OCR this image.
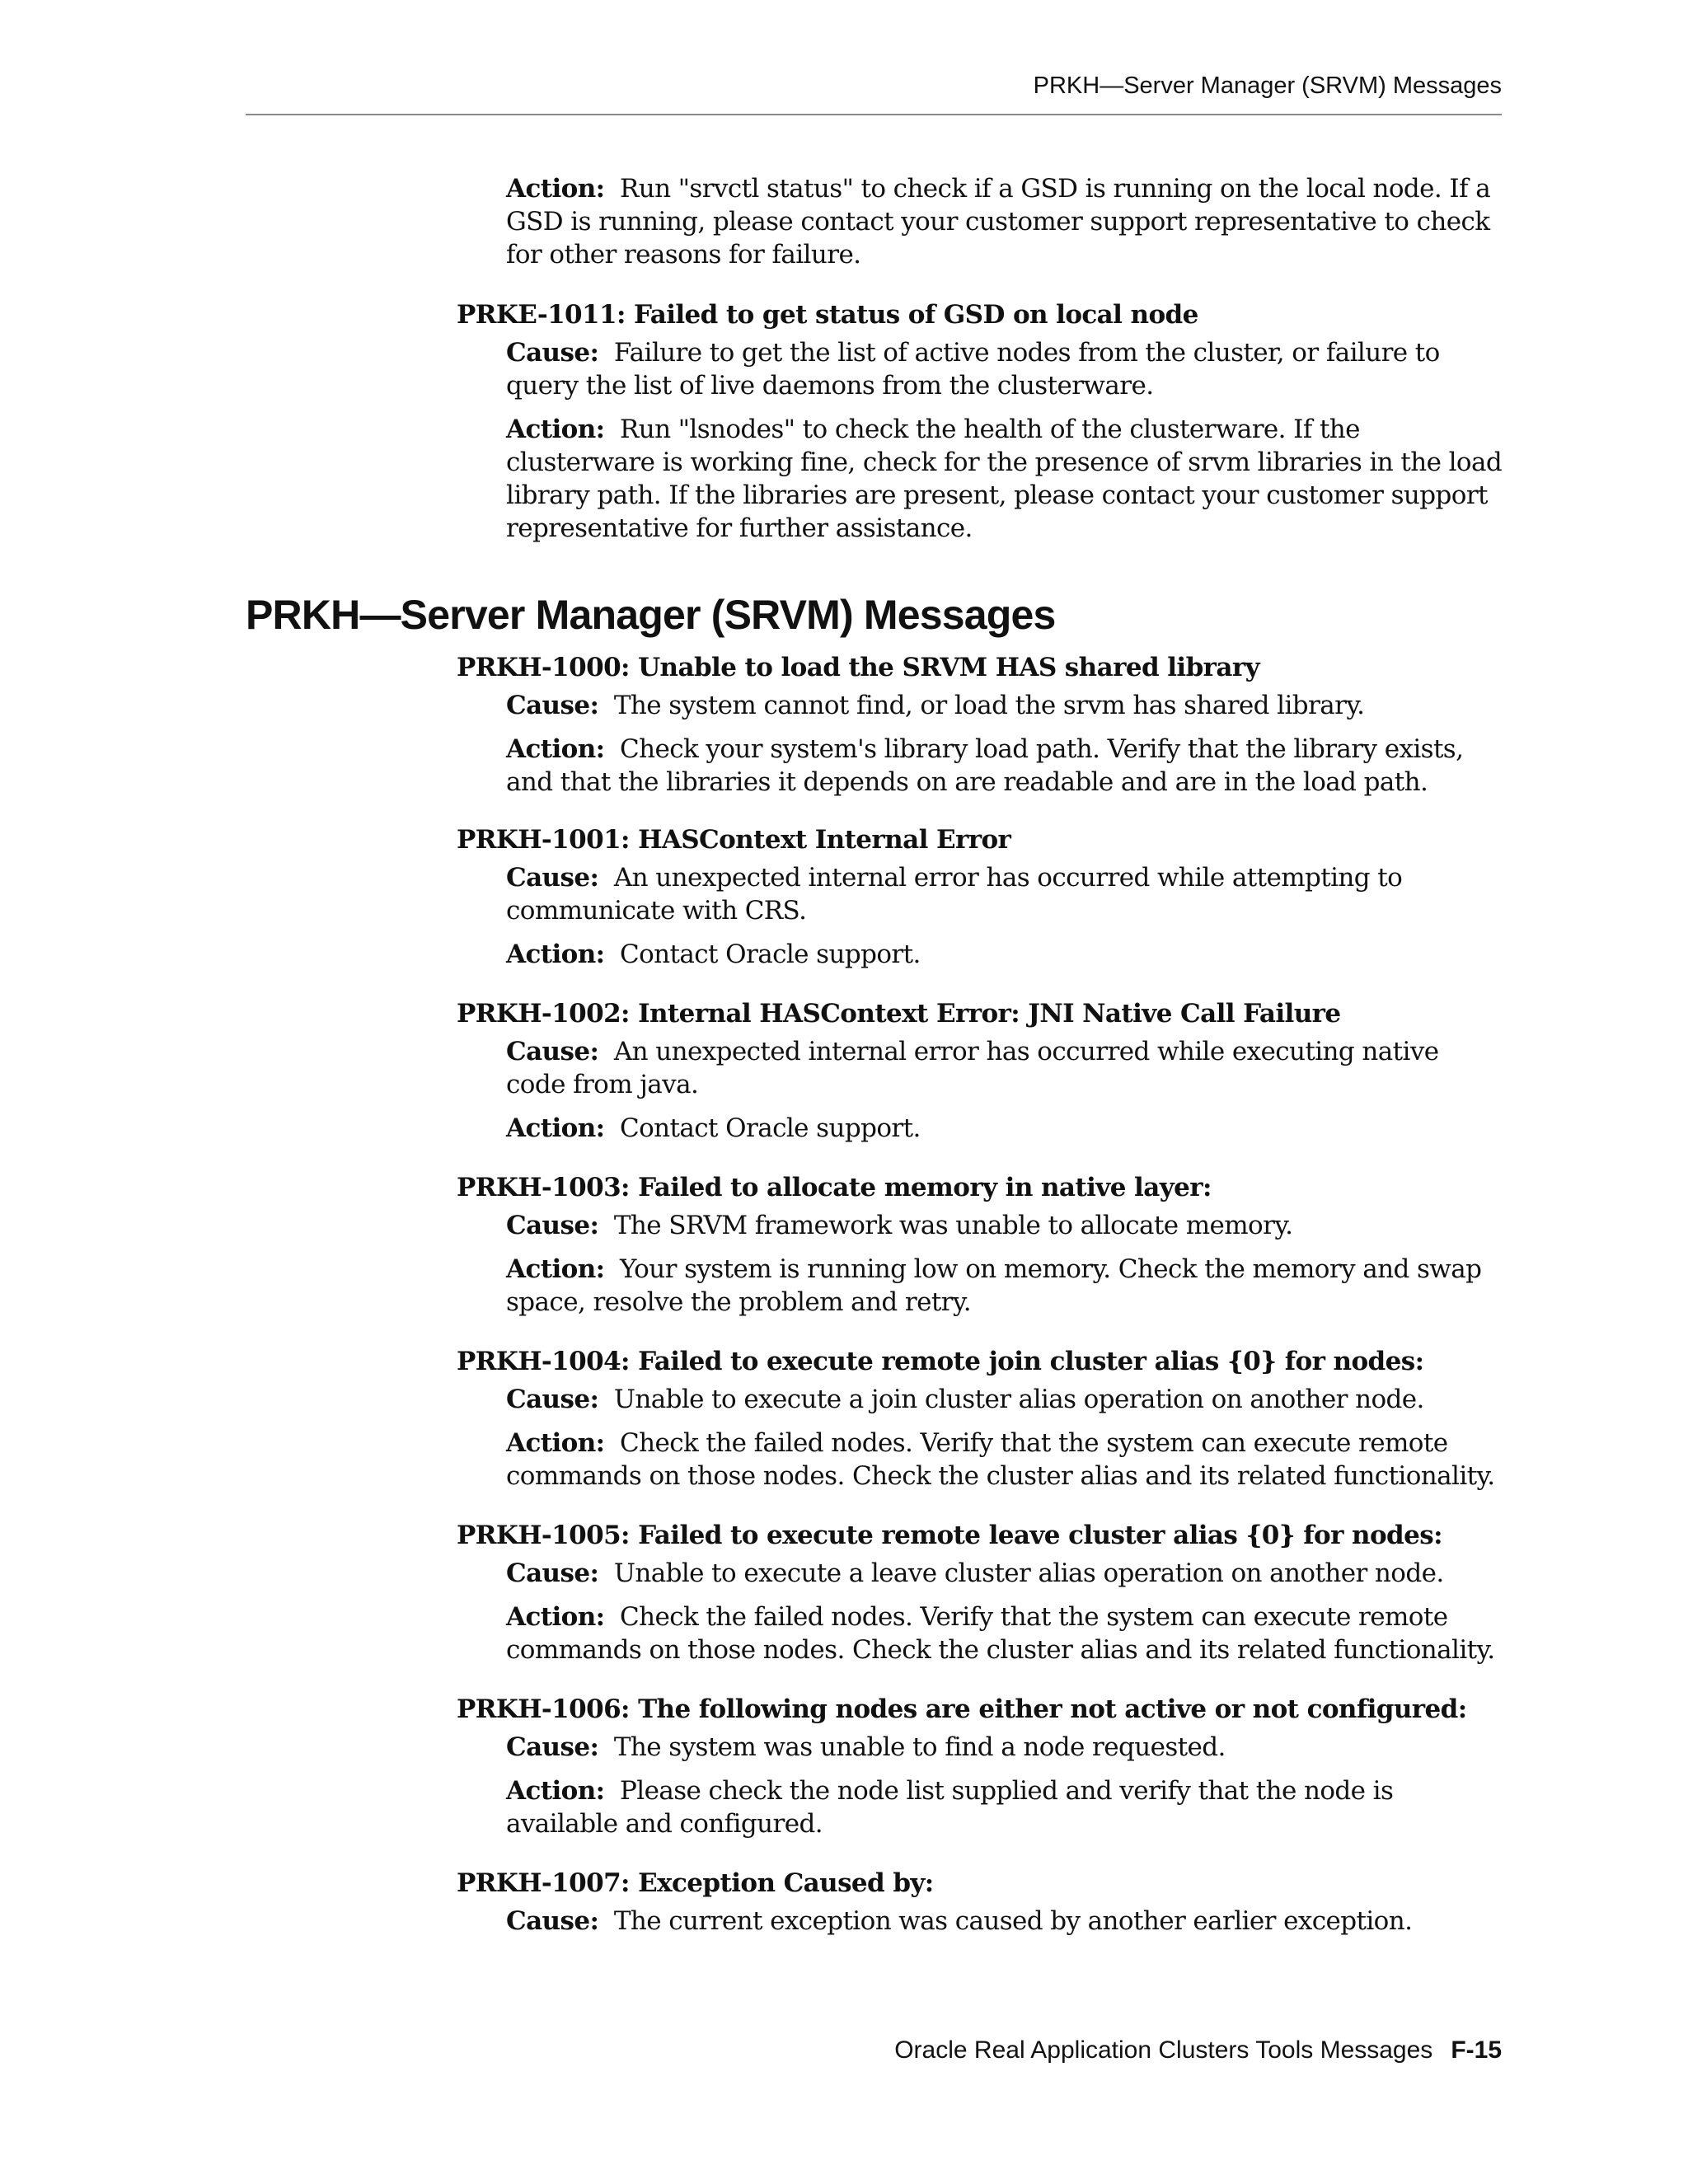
PRKH—Server Manager (SRVM) Messages
Action: Run "srvctl status" to check if a GSD is running on the local node. If a GSD is running, please contact your customer support representative to check for other reasons for failure.
PRKE-1011: Failed to get status of GSD on local node
Cause: Failure to get the list of active nodes from the cluster, or failure to query the list of live daemons from the clusterware.
Action: Run "lsnodes" to check the health of the clusterware. If the clusterware is working fine, check for the presence of srvm libraries in the load library path. If the libraries are present, please contact your customer support representative for further assistance.
PRKH—Server Manager (SRVM) Messages
PRKH-1000: Unable to load the SRVM HAS shared library
Cause: The system cannot find, or load the srvm has shared library.
Action: Check your system's library load path. Verify that the library exists, and that the libraries it depends on are readable and are in the load path.
PRKH-1001: HASContext Internal Error
Cause: An unexpected internal error has occurred while attempting to communicate with CRS.
Action: Contact Oracle support.
PRKH-1002: Internal HASContext Error: JNI Native Call Failure
Cause: An unexpected internal error has occurred while executing native code from java.
Action: Contact Oracle support.
PRKH-1003: Failed to allocate memory in native layer:
Cause: The SRVM framework was unable to allocate memory.
Action: Your system is running low on memory. Check the memory and swap space, resolve the problem and retry.
PRKH-1004: Failed to execute remote join cluster alias {0} for nodes:
Cause: Unable to execute a join cluster alias operation on another node.
Action: Check the failed nodes. Verify that the system can execute remote commands on those nodes. Check the cluster alias and its related functionality.
PRKH-1005: Failed to execute remote leave cluster alias {0} for nodes:
Cause: Unable to execute a leave cluster alias operation on another node.
Action: Check the failed nodes. Verify that the system can execute remote commands on those nodes. Check the cluster alias and its related functionality.
PRKH-1006: The following nodes are either not active or not configured:
Cause: The system was unable to find a node requested.
Action: Please check the node list supplied and verify that the node is available and configured.
PRKH-1007: Exception Caused by:
Cause: The current exception was caused by another earlier exception.
Oracle Real Application Clusters Tools Messages F-15
